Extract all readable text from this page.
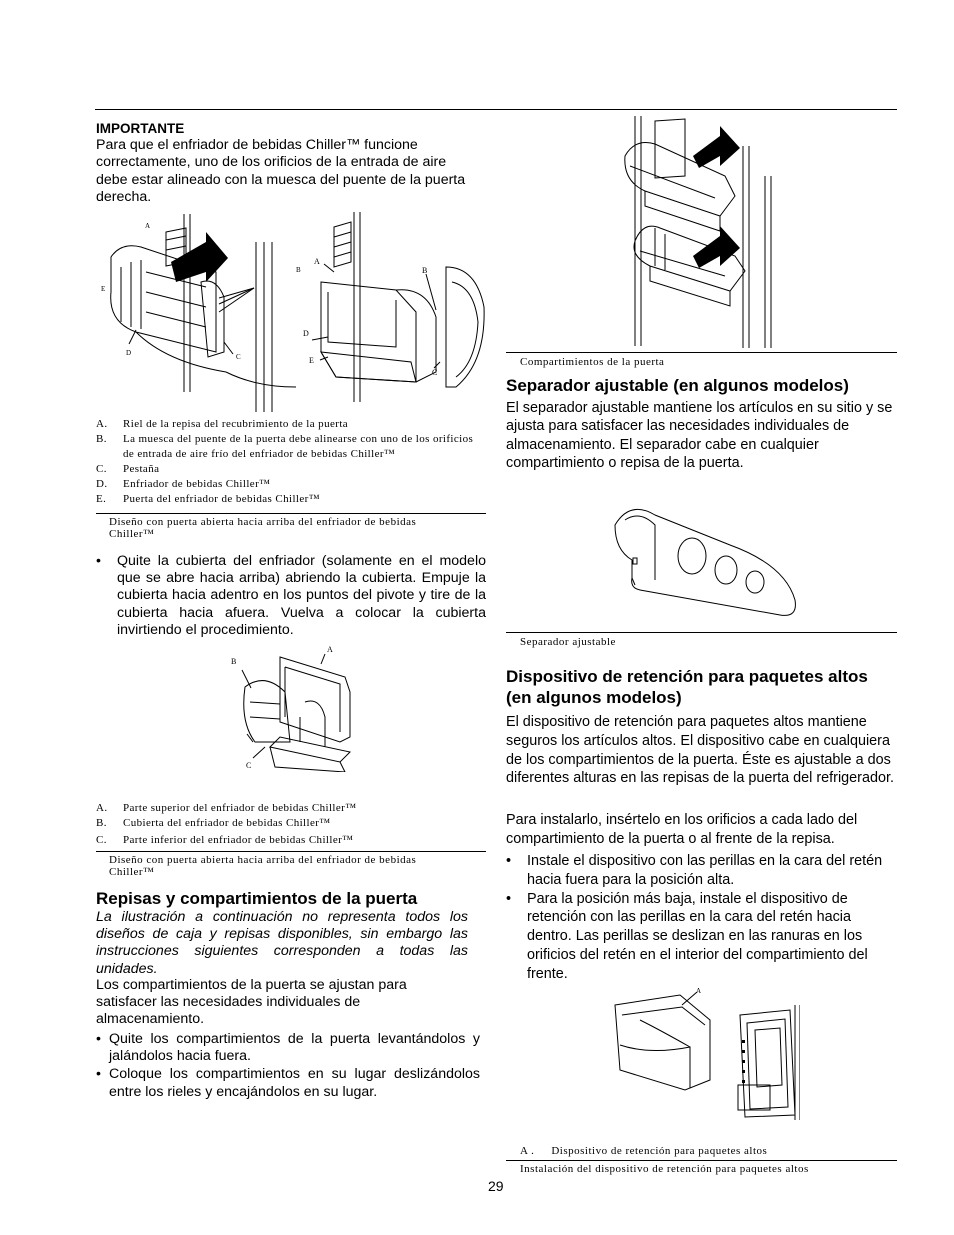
IMPORTANTE
Para que el enfriador de bebidas Chiller™ funcione correctamente, uno de los orificios de la entrada de aire debe estar alineado con la muesca del puente de la puerta derecha.
A
B
C
D
E
A
B
C
D
E
A. Riel de la repisa del recubrimiento de la puerta
B. La muesca del puente de la puerta debe alinearse con uno de los orificios de entrada de aire frío del enfriador de bebidas Chiller™
C. Pestaña
D. Enfriador de bebidas Chiller™
E. Puerta del enfriador de bebidas Chiller™
Diseño con puerta abierta hacia arriba del enfriador de bebidas Chiller™
• Quite la cubierta del enfriador (solamente en el modelo que se abre hacia arriba) abriendo la cubierta. Empuje la cubierta hacia adentro en los puntos del pivote y tire de la cubierta hacia afuera. Vuelva a colocar la cubierta invirtiendo el procedimiento.
A
B
C
A. Parte superior del enfriador de bebidas Chiller™
B. Cubierta del enfriador de bebidas Chiller™
C. Parte inferior del enfriador de bebidas Chiller™
Diseño con puerta abierta hacia arriba del enfriador de bebidas Chiller™
Repisas y compartimientos de la puerta
La ilustración a continuación no representa todos los diseños de caja y repisas disponibles, sin embargo las instrucciones siguientes corresponden a todas las unidades.
Los compartimientos de la puerta se ajustan para satisfacer las necesidades individuales de almacenamiento.
• Quite los compartimientos de la puerta levantándolos y jalándolos hacia fuera.
• Coloque los compartimientos en su lugar deslizándolos entre los rieles y encajándolos en su lugar.
Compartimientos de la puerta
Separador ajustable (en algunos modelos)
El separador ajustable mantiene los artículos en su sitio y se ajusta para satisfacer las necesidades individuales de almacenamiento. El separador cabe en cualquier compartimiento o repisa de la puerta.
Separador ajustable
Dispositivo de retención para paquetes altos (en algunos modelos)
El dispositivo de retención para paquetes altos mantiene seguros los artículos altos. El dispositivo cabe en cualquiera de los compartimientos de la puerta. Éste es ajustable a dos diferentes alturas en las repisas de la puerta del refrigerador.
Para instalarlo, insértelo en los orificios a cada lado del compartimiento de la puerta o al frente de la repisa.
• Instale el dispositivo con las perillas en la cara del retén hacia fuera para la posición alta.
• Para la posición más baja, instale el dispositivo de retención con las perillas en la cara del retén hacia dentro. Las perillas se deslizan en las ranuras en los orificios del retén en el interior del compartimiento del frente.
A
A . Dispositivo de retención para paquetes altos
Instalación del dispositivo de retención para paquetes altos
29
